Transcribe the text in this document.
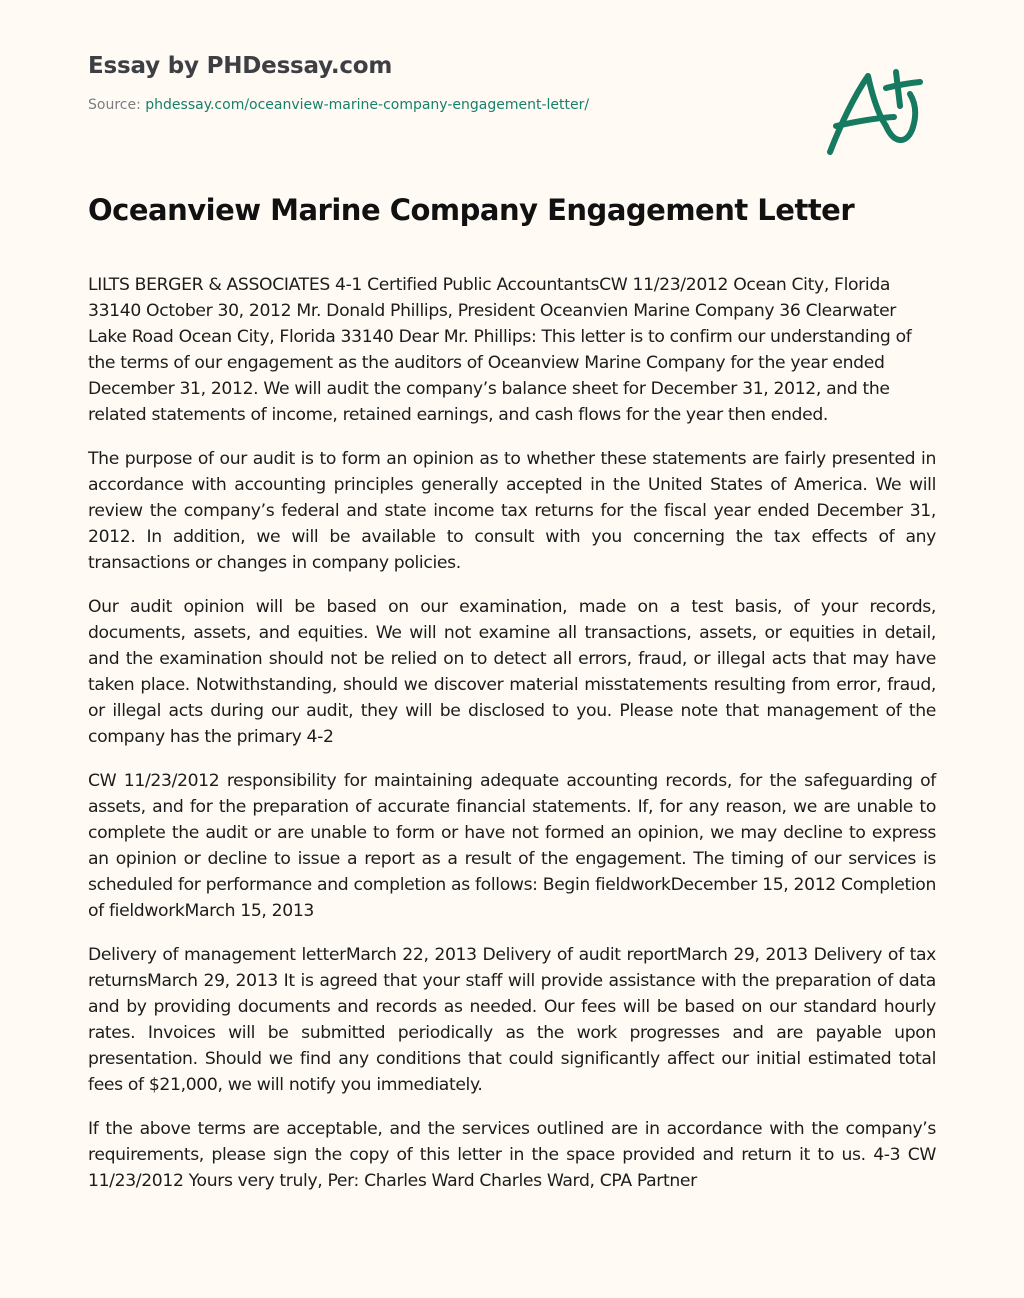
Essay by PHDessay.com
Source: phdessay.com/oceanview-marine-company-engagement-letter/
Oceanview Marine Company Engagement Letter

LILTS BERGER & ASSOCIATES 4-1 Certified Public AccountantsCW 11/23/2012 Ocean City, Florida 33140 October 30, 2012 Mr. Donald Phillips, President Oceanvien Marine Company 36 Clearwater Lake Road Ocean City, Florida 33140 Dear Mr. Phillips: This letter is to confirm our understanding of the terms of our engagement as the auditors of Oceanview Marine Company for the year ended December 31, 2012. We will audit the company’s balance sheet for December 31, 2012, and the related statements of income, retained earnings, and cash flows for the year then ended.

The purpose of our audit is to form an opinion as to whether these statements are fairly presented in accordance with accounting principles generally accepted in the United States of America. We will review the company’s federal and state income tax returns for the fiscal year ended December 31, 2012. In addition, we will be available to consult with you concerning the tax effects of any transactions or changes in company policies.

Our audit opinion will be based on our examination, made on a test basis, of your records, documents, assets, and equities. We will not examine all transactions, assets, or equities in detail, and the examination should not be relied on to detect all errors, fraud, or illegal acts that may have taken place. Notwithstanding, should we discover material misstatements resulting from error, fraud, or illegal acts during our audit, they will be disclosed to you. Please note that management of the company has the primary 4-2

CW 11/23/2012 responsibility for maintaining adequate accounting records, for the safeguarding of assets, and for the preparation of accurate financial statements. If, for any reason, we are unable to complete the audit or are unable to form or have not formed an opinion, we may decline to express an opinion or decline to issue a report as a result of the engagement. The timing of our services is scheduled for performance and completion as follows: Begin fieldworkDecember 15, 2012 Completion of fieldworkMarch 15, 2013

Delivery of management letterMarch 22, 2013 Delivery of audit reportMarch 29, 2013 Delivery of tax returnsMarch 29, 2013 It is agreed that your staff will provide assistance with the preparation of data and by providing documents and records as needed. Our fees will be based on our standard hourly rates. Invoices will be submitted periodically as the work progresses and are payable upon presentation. Should we find any conditions that could significantly affect our initial estimated total fees of $21,000, we will notify you immediately.

If the above terms are acceptable, and the services outlined are in accordance with the company’s requirements, please sign the copy of this letter in the space provided and return it to us. 4-3 CW 11/23/2012 Yours very truly, Per: Charles Ward Charles Ward, CPA Partner
